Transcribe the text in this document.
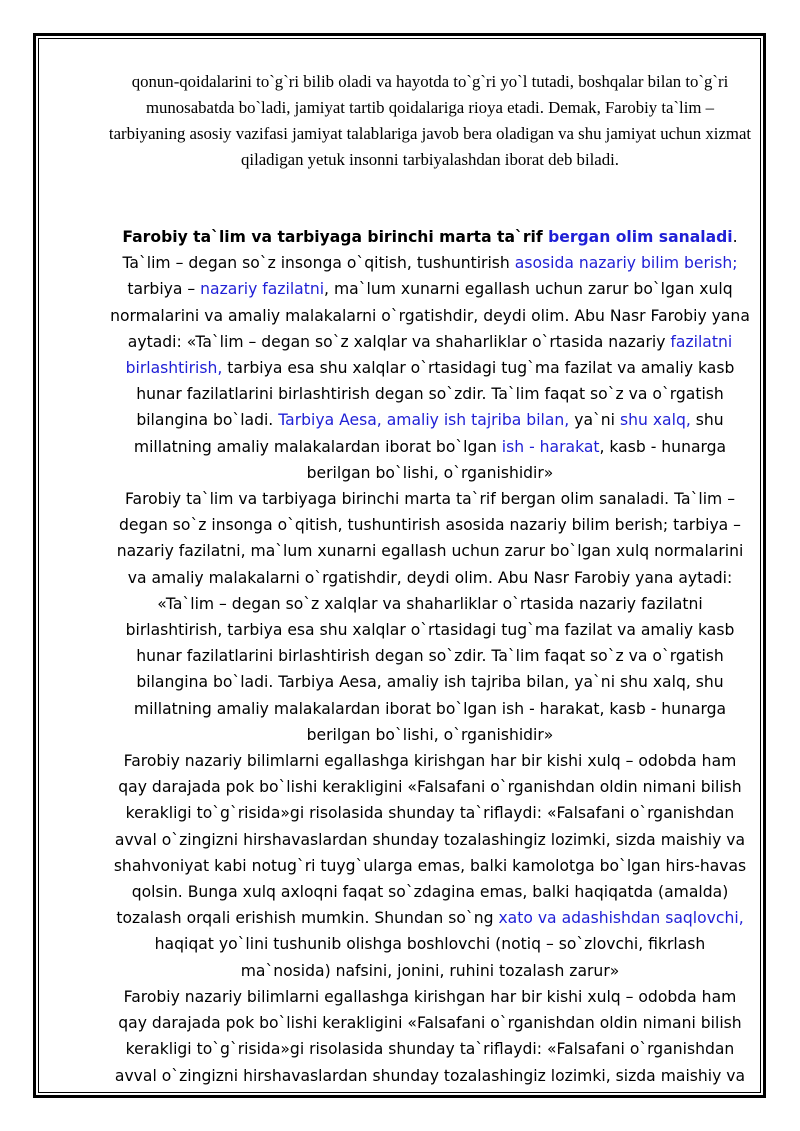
qonun-qoidalarini to`g`ri bilib oladi va hayotda to`g`ri yo`l tutadi, boshqalar bilan to`g`ri munosabatda bo`ladi, jamiyat tartib qoidalariga rioya etadi. Demak, Farobiy ta`lim – tarbiyaning asosiy vazifasi jamiyat talablariga javob bera oladigan va shu jamiyat uchun xizmat qiladigan yetuk insonni tarbiyalashdan iborat deb biladi.

Farobiy ta`lim va tarbiyaga birinchi marta ta`rif bergan olim sanaladi. Ta`lim – degan so`z insonga o`qitish, tushuntirish asosida nazariy bilim berish; tarbiya – nazariy fazilatni, ma`lum xunarni egallash uchun zarur bo`lgan xulq normalarini va amaliy malakalarni o`rgatishdir, deydi olim. Abu Nasr Farobiy yana aytadi: «Ta`lim – degan so`z xalqlar va shaharliklar o`rtasida nazariy fazilatni birlashtirish, tarbiya esa shu xalqlar o`rtasidagi tug`ma fazilat va amaliy kasb hunar fazilatlarini birlashtirish degan so`zdir. Ta`lim faqat so`z va o`rgatish bilangina bo`ladi. Tarbiya Aesa, amaliy ish tajriba bilan, ya`ni shu xalq, shu millatning amaliy malakalardan iborat bo`lgan ish - harakat, kasb - hunarga berilgan bo`lishi, o`rganishidir»

Farobiy ta`lim va tarbiyaga birinchi marta ta`rif bergan olim sanaladi. Ta`lim – degan so`z insonga o`qitish, tushuntirish asosida nazariy bilim berish; tarbiya – nazariy fazilatni, ma`lum xunarni egallash uchun zarur bo`lgan xulq normalarini va amaliy malakalarni o`rgatishdir, deydi olim. Abu Nasr Farobiy yana aytadi: «Ta`lim – degan so`z xalqlar va shaharliklar o`rtasida nazariy fazilatni birlashtirish, tarbiya esa shu xalqlar o`rtasidagi tug`ma fazilat va amaliy kasb hunar fazilatlarini birlashtirish degan so`zdir. Ta`lim faqat so`z va o`rgatish bilangina bo`ladi. Tarbiya Aesa, amaliy ish tajriba bilan, ya`ni shu xalq, shu millatning amaliy malakalardan iborat bo`lgan ish - harakat, kasb - hunarga berilgan bo`lishi, o`rganishidir»

Farobiy nazariy bilimlarni egallashga kirishgan har bir kishi xulq – odobda ham qay darajada pok bo`lishi kerakligini «Falsafani o`rganishdan oldin nimani bilish kerakligi to`g`risida»gi risolasida shunday ta`riflaydi: «Falsafani o`rganishdan avval o`zingizni hirshavaslardan shunday tozalashingiz lozimki, sizda maishiy va shahvoniyat kabi notug`ri tuyg`ularga emas, balki kamolotga bo`lgan hirs-havas qolsin. Bunga xulq axloqni faqat so`zdagina emas, balki haqiqatda (amalda) tozalash orqali erishish mumkin. Shundan so`ng xato va adashishdan saqlovchi, haqiqat yo`lini tushunib olishga boshlovchi (notiq – so`zlovchi, fikrlash ma`nosida) nafsini, jonini, ruhini tozalash zarur»

Farobiy nazariy bilimlarni egallashga kirishgan har bir kishi xulq – odobda ham qay darajada pok bo`lishi kerakligini «Falsafani o`rganishdan oldin nimani bilish kerakligi to`g`risida»gi risolasida shunday ta`riflaydi: «Falsafani o`rganishdan avval o`zingizni hirshavaslardan shunday tozalashingiz lozimki, sizda maishiy va
